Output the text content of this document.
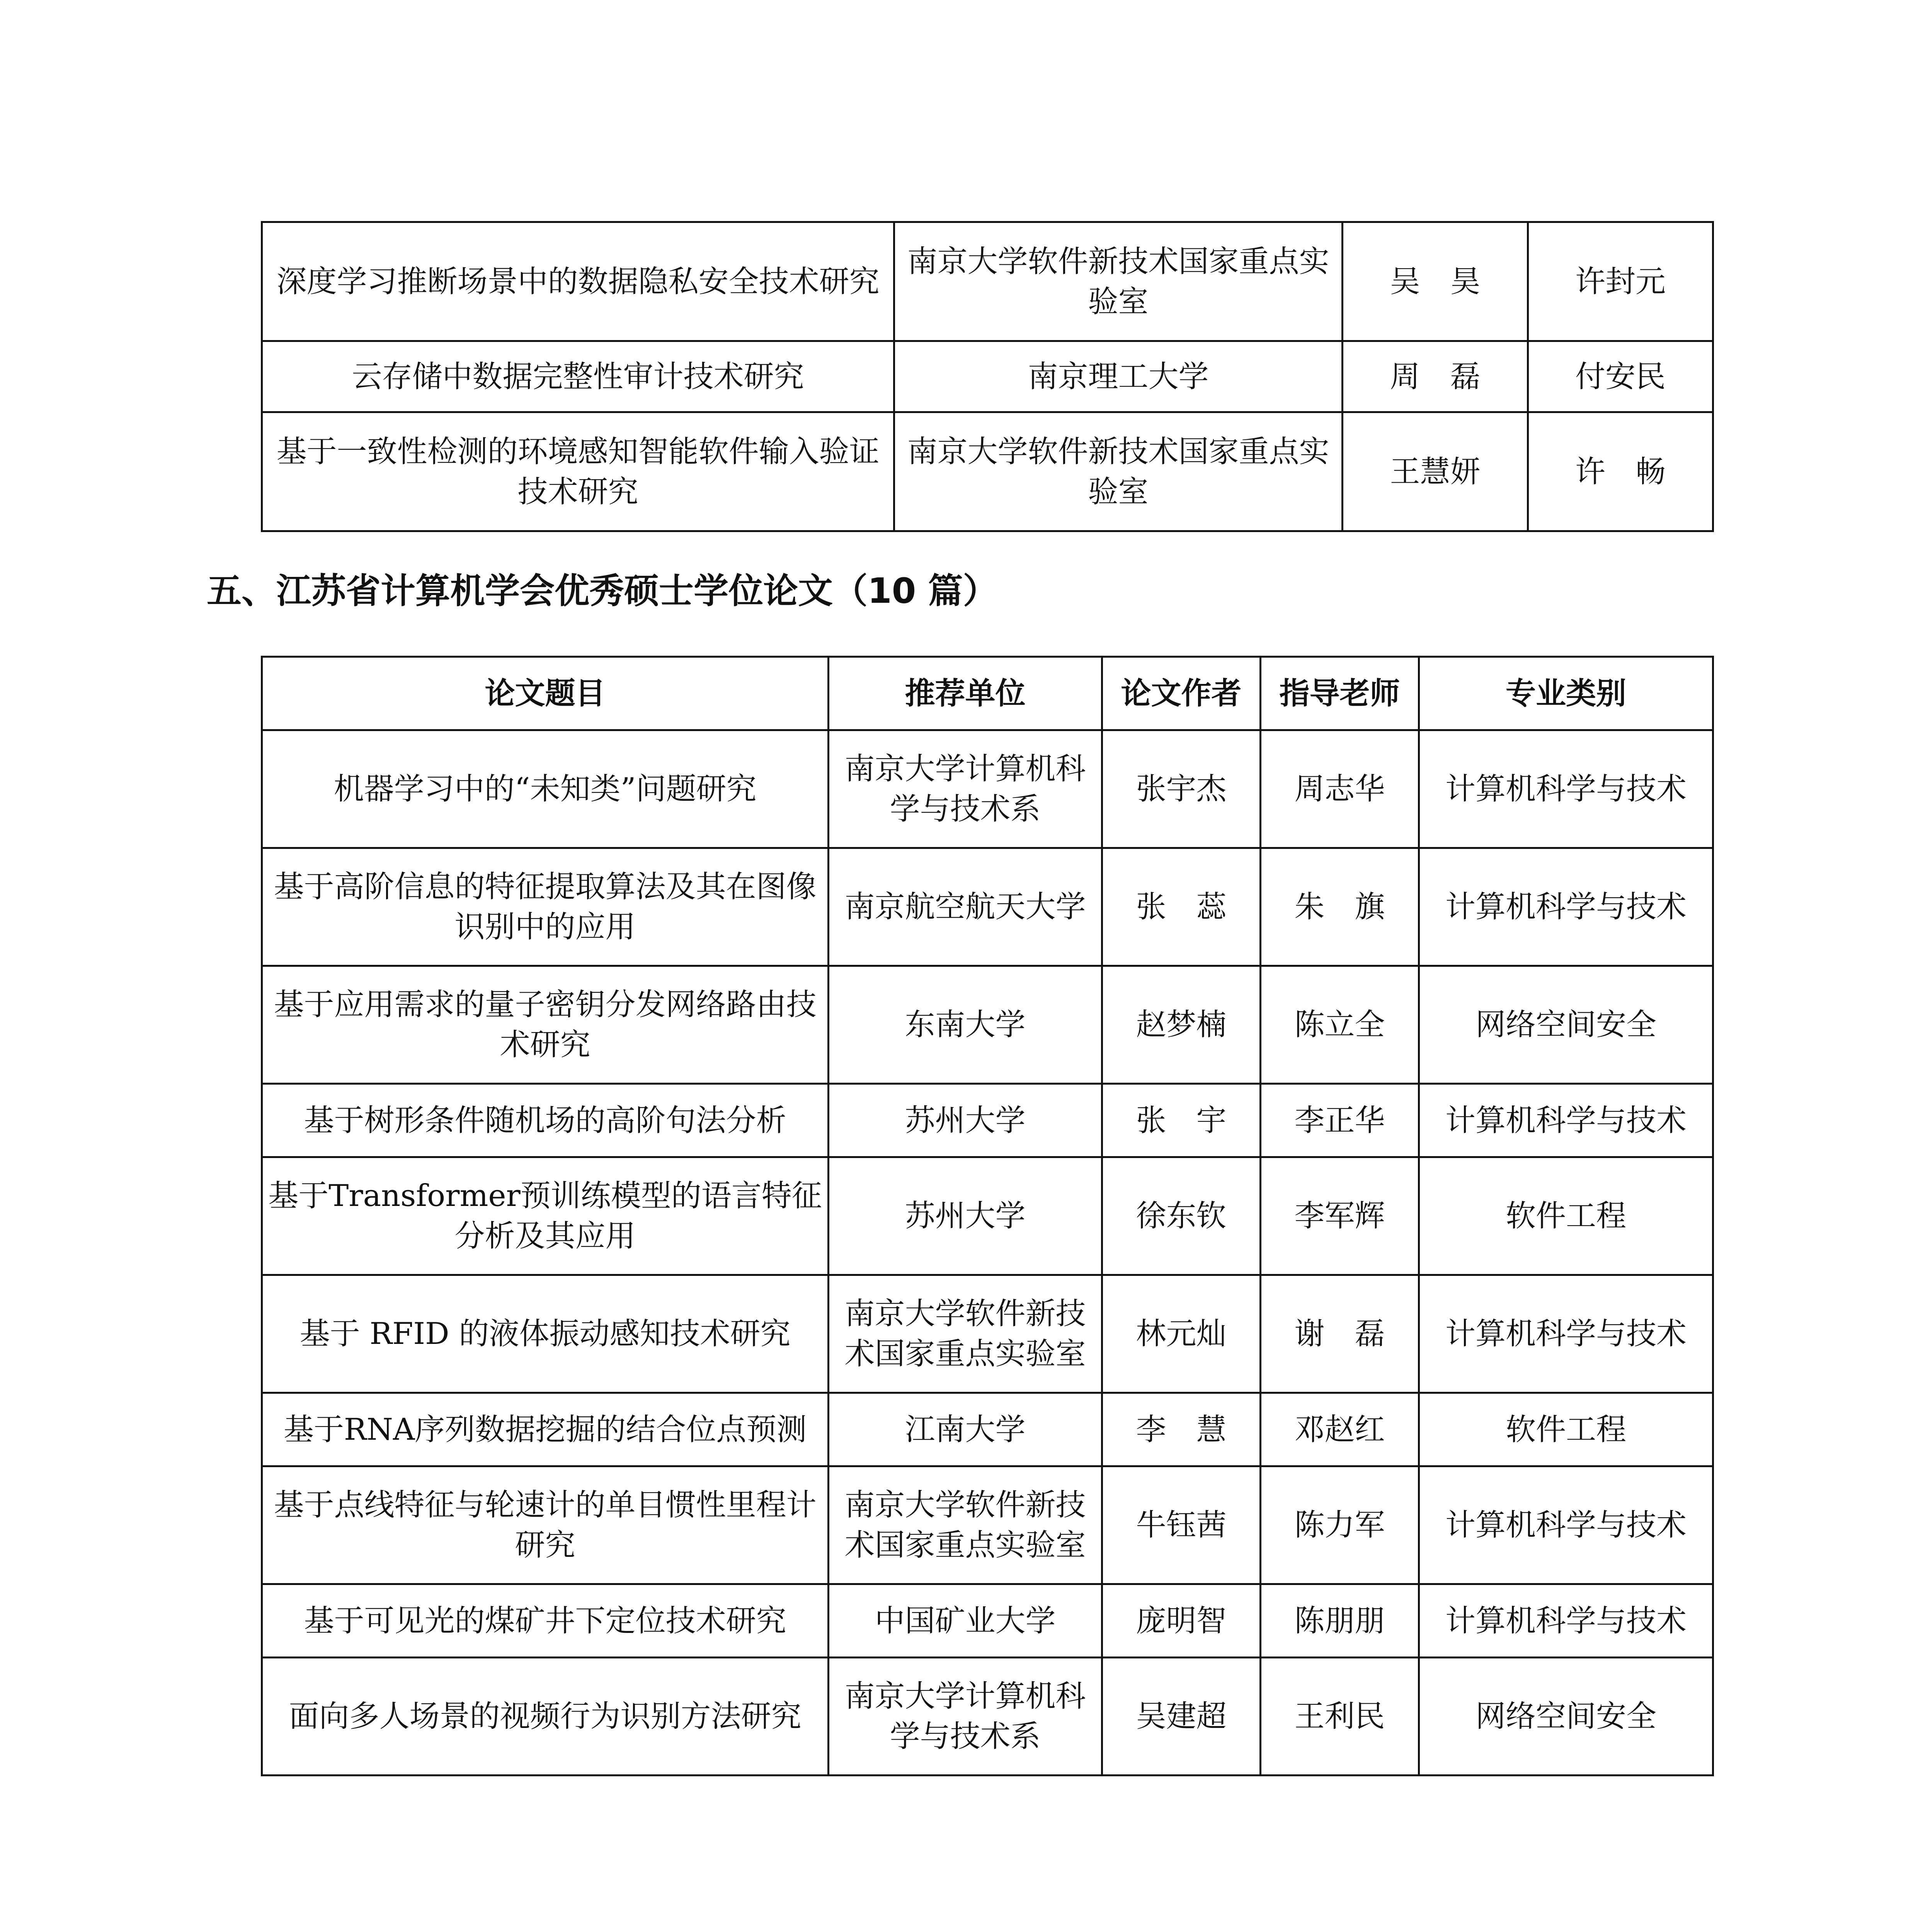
深度学习推断场景中的数据隐私安全技术研究	南京大学软件新技术国家重点实验室	吴　昊	许封元
云存储中数据完整性审计技术研究	南京理工大学	周　磊	付安民
基于一致性检测的环境感知智能软件输入验证技术研究	南京大学软件新技术国家重点实验室	王慧妍	许　畅
五、江苏省计算机学会优秀硕士学位论文（10 篇）
论文题目	推荐单位	论文作者	指导老师	专业类别
机器学习中的“未知类”问题研究	南京大学计算机科学与技术系	张宇杰	周志华	计算机科学与技术
基于高阶信息的特征提取算法及其在图像识别中的应用	南京航空航天大学	张　蕊	朱　旗	计算机科学与技术
基于应用需求的量子密钥分发网络路由技术研究	东南大学	赵梦楠	陈立全	网络空间安全
基于树形条件随机场的高阶句法分析	苏州大学	张　宇	李正华	计算机科学与技术
基于Transformer预训练模型的语言特征分析及其应用	苏州大学	徐东钦	李军辉	软件工程
基于 RFID 的液体振动感知技术研究	南京大学软件新技术国家重点实验室	林元灿	谢　磊	计算机科学与技术
基于RNA序列数据挖掘的结合位点预测	江南大学	李　慧	邓赵红	软件工程
基于点线特征与轮速计的单目惯性里程计研究	南京大学软件新技术国家重点实验室	牛钰茜	陈力军	计算机科学与技术
基于可见光的煤矿井下定位技术研究	中国矿业大学	庞明智	陈朋朋	计算机科学与技术
面向多人场景的视频行为识别方法研究	南京大学计算机科学与技术系	吴建超	王利民	网络空间安全
